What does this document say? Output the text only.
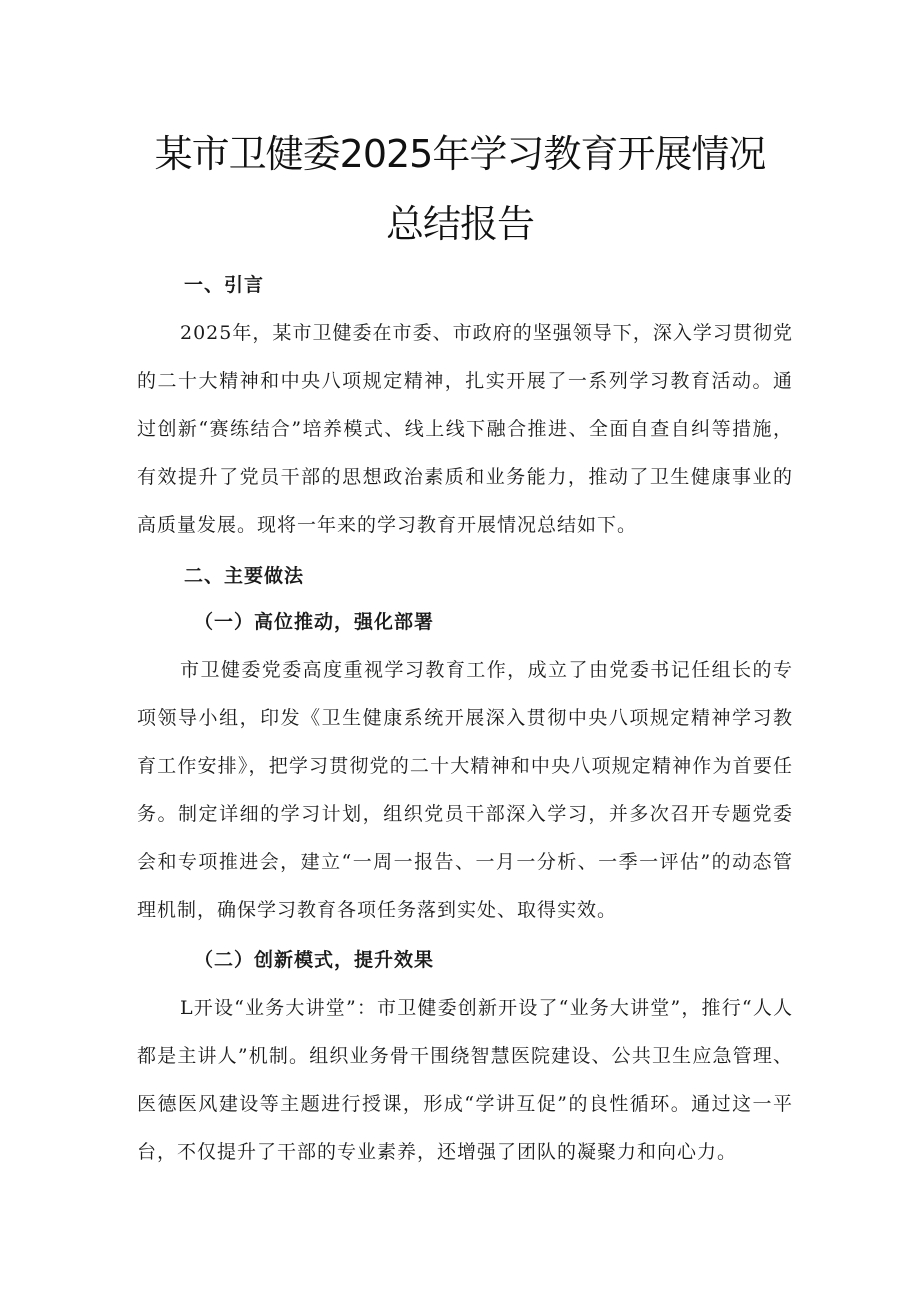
某市卫健委2025年学习教育开展情况
总结报告
一、引言

2025年，某市卫健委在市委、市政府的坚强领导下，深入学习贯彻党的二十大精神和中央八项规定精神，扎实开展了一系列学习教育活动。通过创新“赛练结合”培养模式、线上线下融合推进、全面自查自纠等措施，有效提升了党员干部的思想政治素质和业务能力，推动了卫生健康事业的高质量发展。现将一年来的学习教育开展情况总结如下。

二、主要做法
（一）高位推动，强化部署

市卫健委党委高度重视学习教育工作，成立了由党委书记任组长的专项领导小组，印发《卫生健康系统开展深入贯彻中央八项规定精神学习教育工作安排》，把学习贯彻党的二十大精神和中央八项规定精神作为首要任务。制定详细的学习计划，组织党员干部深入学习，并多次召开专题党委会和专项推进会，建立“一周一报告、一月一分析、一季一评估”的动态管理机制，确保学习教育各项任务落到实处、取得实效。

（二）创新模式，提升效果

L开设“业务大讲堂”：市卫健委创新开设了“业务大讲堂”，推行“人人都是主讲人”机制。组织业务骨干围绕智慧医院建设、公共卫生应急管理、医德医风建设等主题进行授课，形成“学讲互促”的良性循环。通过这一平台，不仅提升了干部的专业素养，还增强了团队的凝聚力和向心力。
